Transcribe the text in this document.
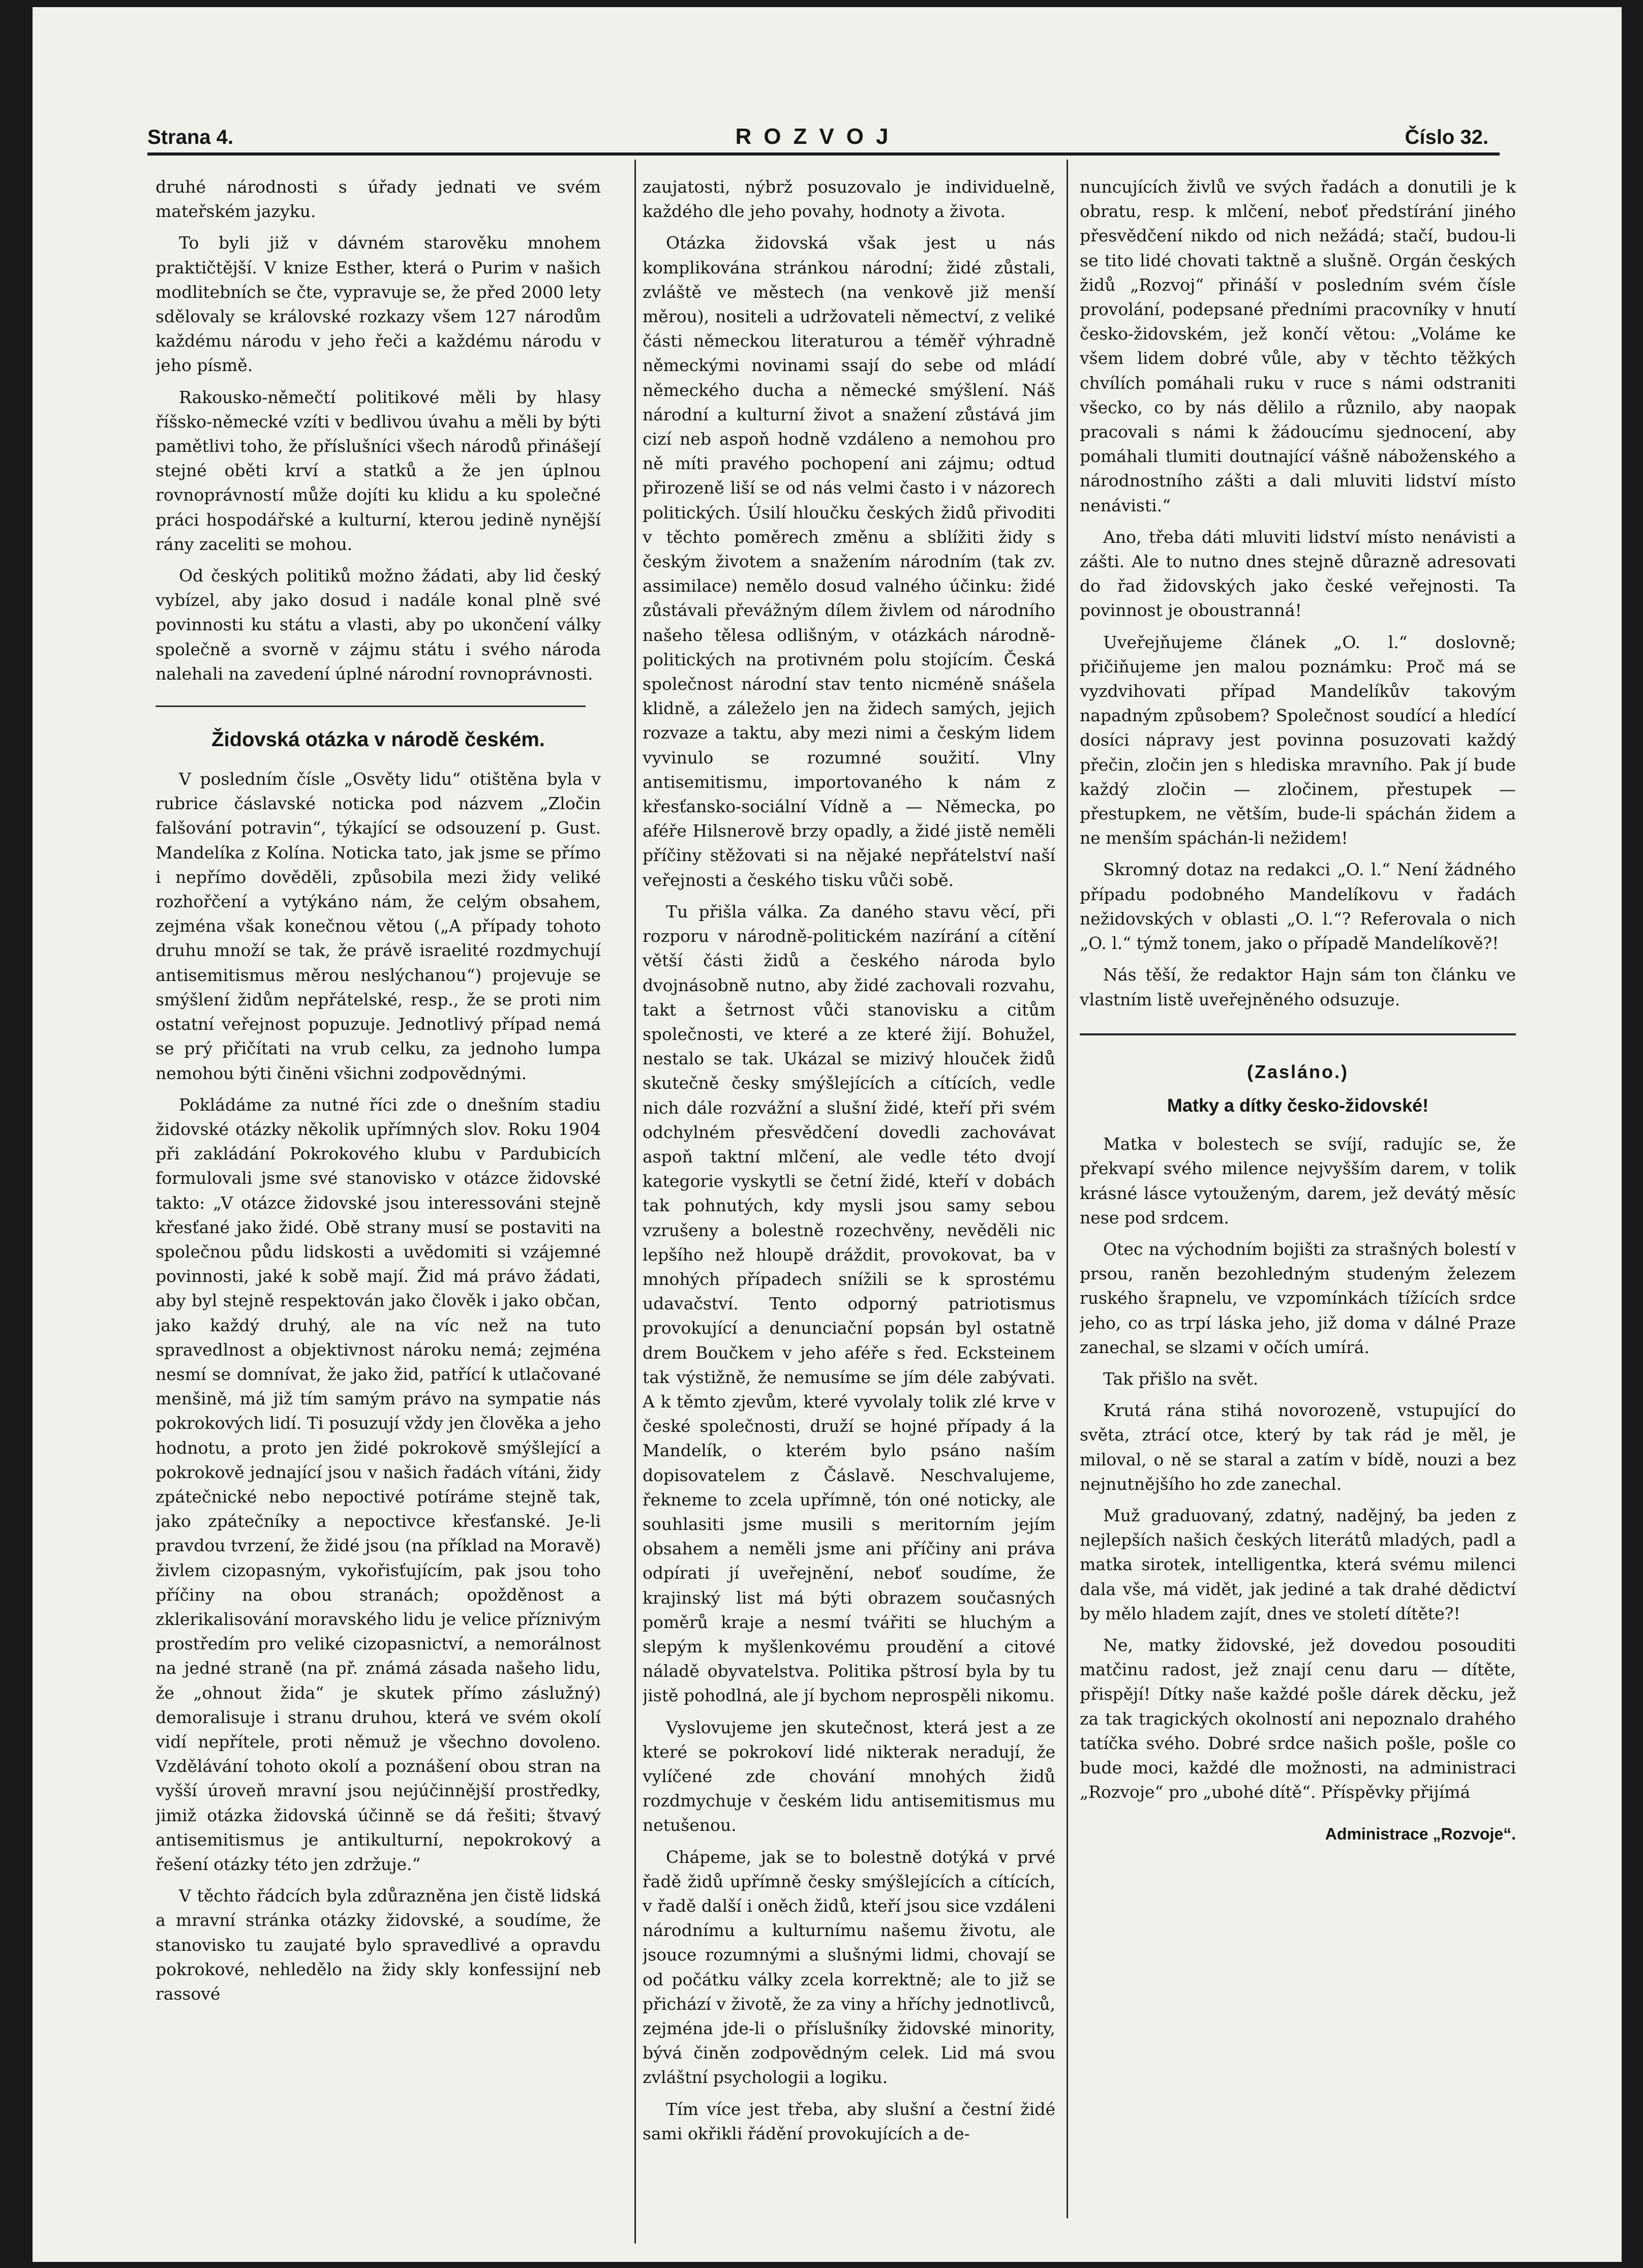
Strana 4.	ROZVOJ	Číslo 32.

druhé národnosti s úřady jednati ve svém mateřském jazyku.

To byli již v dávném starověku mnohem praktičtější. V knize Esther, která o Purim v našich modlitebních se čte, vypravuje se, že před 2000 lety sdělovaly se královské rozkazy všem 127 národům každému národu v jeho řeči a každému národu v jeho písmě.

Rakousko-němečtí politikové měli by hlasy říšsko-německé vzíti v bedlivou úvahu a měli by býti pamětlivi toho, že příslušníci všech národů přinášejí stejné oběti krví a statků a že jen úplnou rovnoprávností může dojíti ku klidu a ku společné práci hospodářské a kulturní, kterou jedině nynější rány zaceliti se mohou.

Od českých politiků možno žádati, aby lid český vybízel, aby jako dosud i nadále konal plně své povinnosti ku státu a vlasti, aby po ukončení války společně a svorně v zájmu státu i svého národa nalehali na zavedení úplné národní rovnoprávnosti.

Židovská otázka v národě českém.

V posledním čísle „Osvěty lidu“ otištěna byla v rubrice čáslavské noticka pod názvem „Zločin falšování potravin“, týkající se odsouzení p. Gust. Mandelíka z Kolína. Noticka tato, jak jsme se přímo i nepřímo dověděli, způsobila mezi židy veliké rozhořčení a vytýkáno nám, že celým obsahem, zejména však konečnou větou („A případy tohoto druhu množí se tak, že právě israelité rozdmychují antisemitismus měrou neslýchanou“) projevuje se smýšlení židům nepřátelské, resp., že se proti nim ostatní veřejnost popuzuje. Jednotlivý případ nemá se prý přičítati na vrub celku, za jednoho lumpa nemohou býti činěni všichni zodpovědnými.

Pokládáme za nutné říci zde o dnešním stadiu židovské otázky několik upřímných slov. Roku 1904 při zakládání Pokrokového klubu v Pardubicích formulovali jsme své stanovisko v otázce židovské takto: „V otázce židovské jsou interessováni stejně křesťané jako židé. Obě strany musí se postaviti na společnou půdu lidskosti a uvědomiti si vzájemné povinnosti, jaké k sobě mají. Žid má právo žádati, aby byl stejně respektován jako člověk i jako občan, jako každý druhý, ale na víc než na tuto spravedlnost a objektivnost nároku nemá; zejména nesmí se domnívat, že jako žid, patřící k utlačované menšině, má již tím samým právo na sympatie nás pokrokových lidí. Ti posuzují vždy jen člověka a jeho hodnotu, a proto jen židé pokrokově smýšlející a pokrokově jednající jsou v našich řadách vítáni, židy zpátečnické nebo nepoctivé potíráme stejně tak, jako zpátečníky a nepoctivce křesťanské. Je-li pravdou tvrzení, že židé jsou (na příklad na Moravě) živlem cizopasným, vykořisťujícím, pak jsou toho příčiny na obou stranách; opožděnost a zklerikalisování moravského lidu je velice příznivým prostředím pro veliké cizopasnictví, a nemorálnost na jedné straně (na př. známá zásada našeho lidu, že „ohnout žida“ je skutek přímo záslužný) demoralisuje i stranu druhou, která ve svém okolí vidí nepřítele, proti němuž je všechno dovoleno. Vzdělávání tohoto okolí a poznášení obou stran na vyšší úroveň mravní jsou nejúčinnější prostředky, jimiž otázka židovská účinně se dá řešiti; štvavý antisemitismus je antikulturní, nepokrokový a řešení otázky této jen zdržuje.“

V těchto řádcích byla zdůrazněna jen čistě lidská a mravní stránka otázky židovské, a soudíme, že stanovisko tu zaujaté bylo spravedlivé a opravdu pokrokové, nehledělo na židy skly konfessijní neb rassové

zaujatosti, nýbrž posuzovalo je individuelně, každého dle jeho povahy, hodnoty a života.

Otázka židovská však jest u nás komplikována stránkou národní; židé zůstali, zvláště ve městech (na venkově již menší měrou), nositeli a udržovateli němectví, z veliké části německou literaturou a téměř výhradně německými novinami ssají do sebe od mládí německého ducha a německé smýšlení. Náš národní a kulturní život a snažení zůstává jim cizí neb aspoň hodně vzdáleno a nemohou pro ně míti pravého pochopení ani zájmu; odtud přirozeně liší se od nás velmi často i v názorech politických. Úsilí hloučku českých židů přivoditi v těchto poměrech změnu a sblížiti židy s českým životem a snažením národním (tak zv. assimilace) nemělo dosud valného účinku: židé zůstávali převážným dílem živlem od národního našeho tělesa odlišným, v otázkách národně-politických na protivném polu stojícím. Česká společnost národní stav tento nicméně snášela klidně, a záleželo jen na židech samých, jejich rozvaze a taktu, aby mezi nimi a českým lidem vyvinulo se rozumné soužití. Vlny antisemitismu, importovaného k nám z křesťansko-sociální Vídně a — Německa, po aféře Hilsnerově brzy opadly, a židé jistě neměli příčiny stěžovati si na nějaké nepřátelství naší veřejnosti a českého tisku vůči sobě.

Tu přišla válka. Za daného stavu věcí, při rozporu v národně-politickém nazírání a cítění větší části židů a českého národa bylo dvojnásobně nutno, aby židé zachovali rozvahu, takt a šetrnost vůči stanovisku a citům společnosti, ve které a ze které žijí. Bohužel, nestalo se tak. Ukázal se mizivý hlouček židů skutečně česky smýšlejících a cítících, vedle nich dále rozvážní a slušní židé, kteří při svém odchylném přesvědčení dovedli zachovávat aspoň taktní mlčení, ale vedle této dvojí kategorie vyskytli se četní židé, kteří v dobách tak pohnutých, kdy mysli jsou samy sebou vzrušeny a bolestně rozechvěny, nevěděli nic lepšího než hloupě dráždit, provokovat, ba v mnohých případech snížili se k sprostému udavačství. Tento odporný patriotismus provokující a denunciační popsán byl ostatně drem Boučkem v jeho aféře s řed. Ecksteinem tak výstižně, že nemusíme se jím déle zabývati. A k těmto zjevům, které vyvolaly tolik zlé krve v české společnosti, druží se hojné případy á la Mandelík, o kterém bylo psáno naším dopisovatelem z Čáslavě. Neschvalujeme, řekneme to zcela upřímně, tón oné noticky, ale souhlasiti jsme musili s meritorním jejím obsahem a neměli jsme ani příčiny ani práva odpírati jí uveřejnění, neboť soudíme, že krajinský list má býti obrazem současných poměrů kraje a nesmí tvářiti se hluchým a slepým k myšlenkovému proudění a citové náladě obyvatelstva. Politika pštrosí byla by tu jistě pohodlná, ale jí bychom neprospěli nikomu.

Vyslovujeme jen skutečnost, která jest a ze které se pokrokoví lidé nikterak neradují, že vylíčené zde chování mnohých židů rozdmychuje v českém lidu antisemitismus mu netušenou.

Chápeme, jak se to bolestně dotýká v prvé řadě židů upřímně česky smýšlejících a cítících, v řadě další i oněch židů, kteří jsou sice vzdáleni národnímu a kulturnímu našemu životu, ale jsouce rozumnými a slušnými lidmi, chovají se od počátku války zcela korrektně; ale to již se přichází v životě, že za viny a hříchy jednotlivců, zejména jde-li o příslušníky židovské minority, bývá činěn zodpovědným celek. Lid má svou zvláštní psychologii a logiku.

Tím více jest třeba, aby slušní a čestní židé sami okřikli řádění provokujících a de-

nuncujících živlů ve svých řadách a donutili je k obratu, resp. k mlčení, neboť předstírání jiného přesvědčení nikdo od nich nežádá; stačí, budou-li se tito lidé chovati taktně a slušně. Orgán českých židů „Rozvoj“ přináší v posledním svém čísle provolání, podepsané předními pracovníky v hnutí česko-židovském, jež končí větou: „Voláme ke všem lidem dobré vůle, aby v těchto těžkých chvílích pomáhali ruku v ruce s námi odstraniti všecko, co by nás dělilo a různilo, aby naopak pracovali s námi k žádoucímu sjednocení, aby pomáhali tlumiti doutnající vášně náboženského a národnostního zášti a dali mluviti lidství místo nenávisti.“

Ano, třeba dáti mluviti lidství místo nenávisti a zášti. Ale to nutno dnes stejně důrazně adresovati do řad židovských jako české veřejnosti. Ta povinnost je oboustranná!

Uveřejňujeme článek „O. l.“ doslovně; přičiňujeme jen malou poznámku: Proč má se vyzdvihovati případ Mandelíkův takovým napadným způsobem? Společnost soudící a hledící dosíci nápravy jest povinna posuzovati každý přečin, zločin jen s hlediska mravního. Pak jí bude každý zločin — zločinem, přestupek — přestupkem, ne větším, bude-li spáchán židem a ne menším spáchán-li nežidem!

Skromný dotaz na redakci „O. l.“ Není žádného případu podobného Mandelíkovu v řadách nežidovských v oblasti „O. l.“? Referovala o nich „O. l.“ týmž tonem, jako o případě Mandelíkově?!

Nás těší, že redaktor Hajn sám ton článku ve vlastním listě uveřejněného odsuzuje.

(Zasláno.)
Matky a dítky česko-židovské!

Matka v bolestech se svíjí, radujíc se, že překvapí svého milence nejvyšším darem, v tolik krásné lásce vytouženým, darem, jež devátý měsíc nese pod srdcem.

Otec na východním bojišti za strašných bolestí v prsou, raněn bezohledným studeným železem ruského šrapnelu, ve vzpomínkách tížících srdce jeho, co as trpí láska jeho, již doma v dálné Praze zanechal, se slzami v očích umírá.

Tak přišlo na svět.

Krutá rána stihá novorozeně, vstupující do světa, ztrácí otce, který by tak rád je měl, je miloval, o ně se staral a zatím v bídě, nouzi a bez nejnutnějšího ho zde zanechal.

Muž graduovaný, zdatný, nadějný, ba jeden z nejlepších našich českých literátů mladých, padl a matka sirotek, intelligentka, která svému milenci dala vše, má vidět, jak jediné a tak drahé dědictví by mělo hladem zajít, dnes ve století dítěte?!

Ne, matky židovské, jež dovedou posouditi matčinu radost, jež znají cenu daru — dítěte, přispějí! Dítky naše každé pošle dárek děcku, jež za tak tragických okolností ani nepoznalo drahého tatíčka svého. Dobré srdce našich pošle, pošle co bude moci, každé dle možnosti, na administraci „Rozvoje“ pro „ubohé dítě“. Příspěvky přijímá

Administrace „Rozvoje“.
